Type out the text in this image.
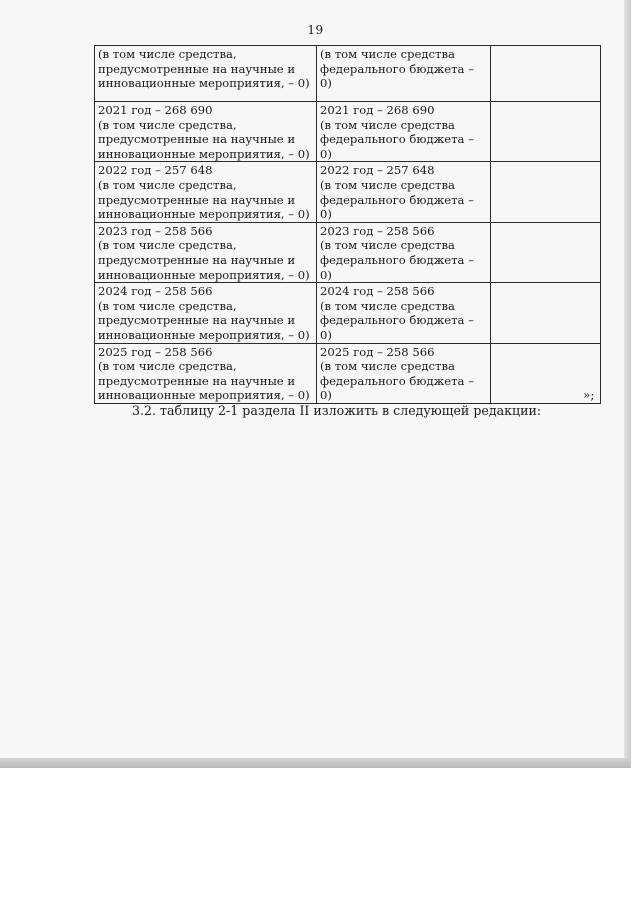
19
(в том числе средства,
предусмотренные на научные и
инновационные мероприятия, – 0)	(в том числе средства
федерального бюджета –
0)	

2021 год – 268 690
(в том числе средства,
предусмотренные на научные и
инновационные мероприятия, – 0)	2021 год – 268 690
(в том числе средства
федерального бюджета –
0)	

2022 год – 257 648
(в том числе средства,
предусмотренные на научные и
инновационные мероприятия, – 0)	2022 год – 257 648
(в том числе средства
федерального бюджета –
0)	

2023 год – 258 566
(в том числе средства,
предусмотренные на научные и
инновационные мероприятия, – 0)	2023 год – 258 566
(в том числе средства
федерального бюджета –
0)	

2024 год – 258 566
(в том числе средства,
предусмотренные на научные и
инновационные мероприятия, – 0)	2024 год – 258 566
(в том числе средства
федерального бюджета –
0)	

2025 год – 258 566
(в том числе средства,
предусмотренные на научные и
инновационные мероприятия, – 0)	2025 год – 258 566
(в том числе средства
федерального бюджета –
0)	
		»;
3.2. таблицу 2-1 раздела II изложить в следующей редакции:
